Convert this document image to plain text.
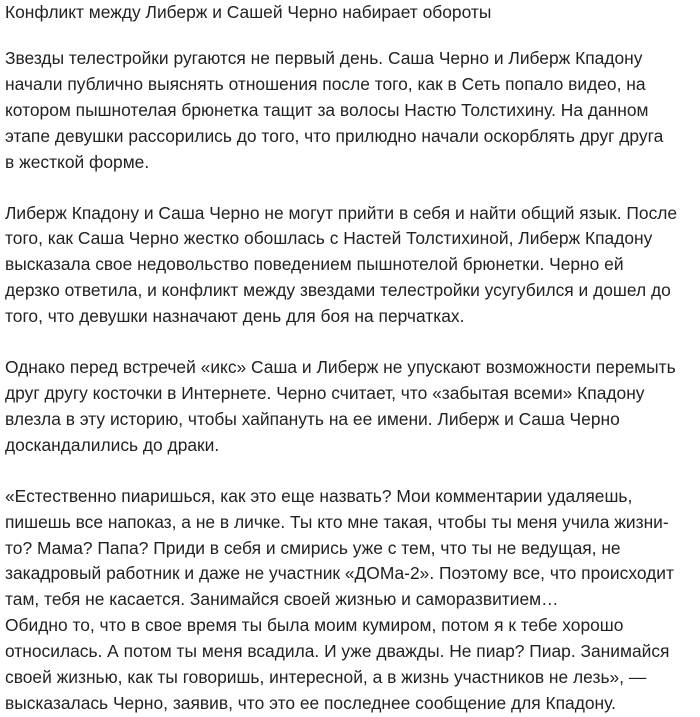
Конфликт между Либерж и Сашей Черно набирает обороты

Звезды телестройки ругаются не первый день. Саша Черно и Либерж Кпадону
начали публично выяснять отношения после того, как в Сеть попало видео, на
котором пышнотелая брюнетка тащит за волосы Настю Толстихину. На данном
этапе девушки рассорились до того, что прилюдно начали оскорблять друг друга
в жесткой форме.

Либерж Кпадону и Саша Черно не могут прийти в себя и найти общий язык. После
того, как Саша Черно жестко обошлась с Настей Толстихиной, Либерж Кпадону
высказала свое недовольство поведением пышнотелой брюнетки. Черно ей
дерзко ответила, и конфликт между звездами телестройки усугубился и дошел до
того, что девушки назначают день для боя на перчатках.

Однако перед встречей «икс» Саша и Либерж не упускают возможности перемыть
друг другу косточки в Интернете. Черно считает, что «забытая всеми» Кпадону
влезла в эту историю, чтобы хайпануть на ее имени. Либерж и Саша Черно
доскандалились до драки.

«Естественно пиаришься, как это еще назвать? Мои комментарии удаляешь,
пишешь все напоказ, а не в личке. Ты кто мне такая, чтобы ты меня учила жизни-
то? Мама? Папа? Приди в себя и смирись уже с тем, что ты не ведущая, не
закадровый работник и даже не участник «ДОМа-2». Поэтому все, что происходит
там, тебя не касается. Занимайся своей жизнью и саморазвитием…
Обидно то, что в свое время ты была моим кумиром, потом я к тебе хорошо
относилась. А потом ты меня всадила. И уже дважды. Не пиар? Пиар. Занимайся
своей жизнью, как ты говоришь, интересной, а в жизнь участников не лезь», —
высказалась Черно, заявив, что это ее последнее сообщение для Кпадону.
